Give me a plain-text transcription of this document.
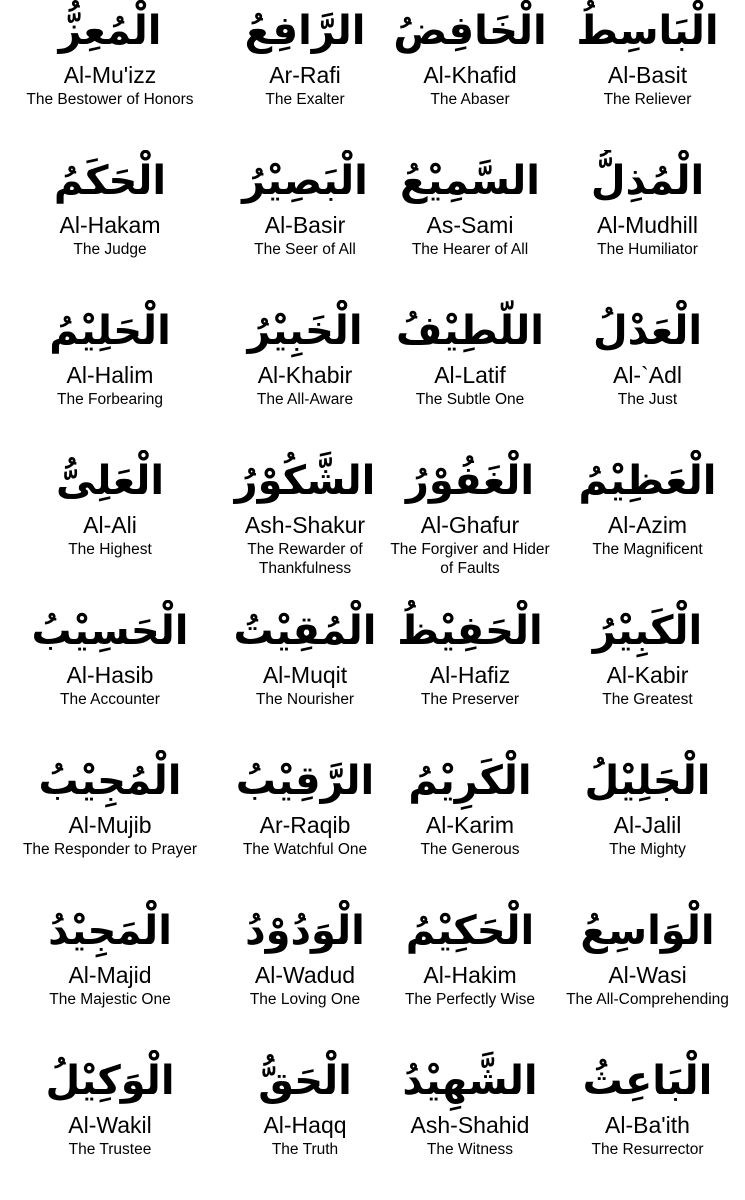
الْمُعِزُّ
Al-Mu'izz
The Bestower of Honors
الرَّافِعُ
Ar-Rafi
The Exalter
الْخَافِضُ
Al-Khafid
The Abaser
الْبَاسِطُ
Al-Basit
The Reliever
الْحَكَمُ
Al-Hakam
The Judge
الْبَصِيْرُ
Al-Basir
The Seer of All
السَّمِيْعُ
As-Sami
The Hearer of All
الْمُذِلُّ
Al-Mudhill
The Humiliator
الْحَلِيْمُ
Al-Halim
The Forbearing
الْخَبِيْرُ
Al-Khabir
The All-Aware
اللَّطِيْفُ
Al-Latif
The Subtle One
الْعَدْلُ
Al-`Adl
The Just
الْعَلِىُّ
Al-Ali
The Highest
الشَّكُوْرُ
Ash-Shakur
The Rewarder of Thankfulness
الْغَفُوْرُ
Al-Ghafur
The Forgiver and Hider of Faults
الْعَظِيْمُ
Al-Azim
The Magnificent
الْحَسِيْبُ
Al-Hasib
The Accounter
الْمُقِيْتُ
Al-Muqit
The Nourisher
الْحَفِيْظُ
Al-Hafiz
The Preserver
الْكَبِيْرُ
Al-Kabir
The Greatest
الْمُجِيْبُ
Al-Mujib
The Responder to Prayer
الرَّقِيْبُ
Ar-Raqib
The Watchful One
الْكَرِيْمُ
Al-Karim
The Generous
الْجَلِيْلُ
Al-Jalil
The Mighty
الْمَجِيْدُ
Al-Majid
The Majestic One
الْوَدُوْدُ
Al-Wadud
The Loving One
الْحَكِيْمُ
Al-Hakim
The Perfectly Wise
الْوَاسِعُ
Al-Wasi
The All-Comprehending
الْوَكِيْلُ
Al-Wakil
The Trustee
الْحَقُّ
Al-Haqq
The Truth
الشَّهِيْدُ
Ash-Shahid
The Witness
الْبَاعِثُ
Al-Ba'ith
The Resurrector
